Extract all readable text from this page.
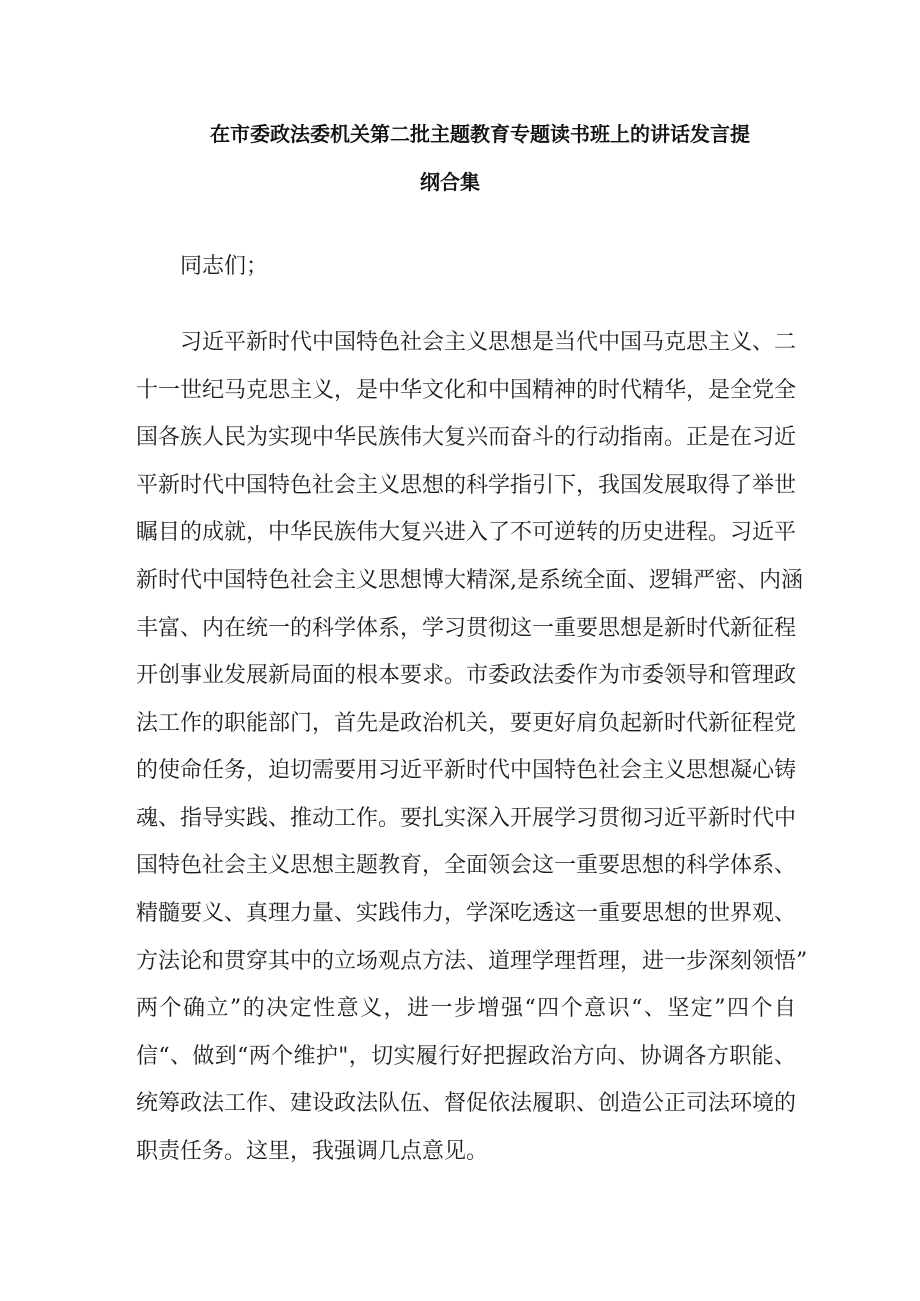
在市委政法委机关第二批主题教育专题读书班上的讲话发言提
纲合集
同志们；
习近平新时代中国特色社会主义思想是当代中国马克思主义、二
十一世纪马克思主义，是中华文化和中国精神的时代精华，是全党全
国各族人民为实现中华民族伟大复兴而奋斗的行动指南。正是在习近
平新时代中国特色社会主义思想的科学指引下，我国发展取得了举世
瞩目的成就，中华民族伟大复兴进入了不可逆转的历史进程。习近平
新时代中国特色社会主义思想博大精深,是系统全面、逻辑严密、内涵
丰富、内在统一的科学体系，学习贯彻这一重要思想是新时代新征程
开创事业发展新局面的根本要求。市委政法委作为市委领导和管理政
法工作的职能部门，首先是政治机关，要更好肩负起新时代新征程党
的使命任务，迫切需要用习近平新时代中国特色社会主义思想凝心铸
魂、指导实践、推动工作。要扎实深入开展学习贯彻习近平新时代中
国特色社会主义思想主题教育，全面领会这一重要思想的科学体系、
精髓要义、真理力量、实践伟力，学深吃透这一重要思想的世界观、
方法论和贯穿其中的立场观点方法、道理学理哲理，进一步深刻领悟”
两个确立”的决定性意义，进一步增强“四个意识“、坚定”四个自
信“、做到“两个维护"，切实履行好把握政治方向、协调各方职能、
统筹政法工作、建设政法队伍、督促依法履职、创造公正司法环境的
职责任务。这里，我强调几点意见。
